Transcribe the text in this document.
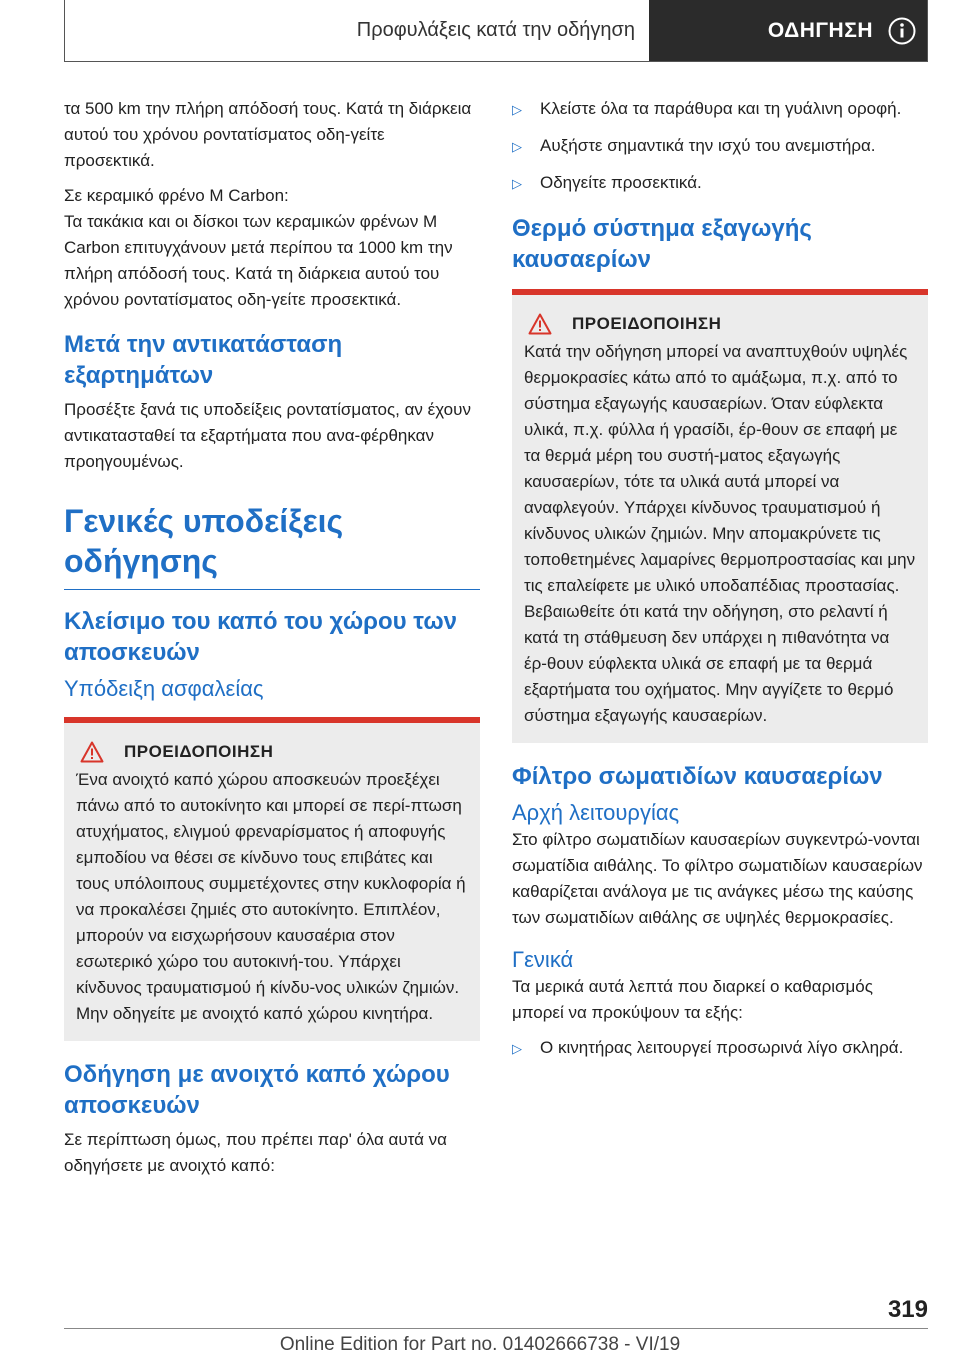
Προφυλάξεις κατά την οδήγηση	ΟΔΗΓΗΣΗ

τα 500 km την πλήρη απόδοσή τους. Κατά τη διάρκεια αυτού του χρόνου ροντατίσματος οδη-γείτε προσεκτικά.

Σε κεραμικό φρένο M Carbon:

Τα τακάκια και οι δίσκοι των κεραμικών φρένων M Carbon επιτυγχάνουν μετά περίπου τα 1000 km την πλήρη απόδοσή τους. Κατά τη διάρκεια αυτού του χρόνου ροντατίσματος οδη-γείτε προσεκτικά.

Μετά την αντικατάσταση εξαρτημάτων

Προσέξτε ξανά τις υποδείξεις ροντατίσματος, αν έχουν αντικατασταθεί τα εξαρτήματα που ανα-φέρθηκαν προηγουμένως.

Γενικές υποδείξεις οδήγησης
Κλείσιμο του καπό του χώρου των αποσκευών
Υπόδειξη ασφαλείας
ΠΡΟΕΙΔΟΠΟΙΗΣΗ

Ένα ανοιχτό καπό χώρου αποσκευών προεξέχει πάνω από το αυτοκίνητο και μπορεί σε περί-πτωση ατυχήματος, ελιγμού φρεναρίσματος ή αποφυγής εμποδίου να θέσει σε κίνδυνο τους επιβάτες και τους υπόλοιπους συμμετέχοντες στην κυκλοφορία ή να προκαλέσει ζημιές στο αυτοκίνητο. Επιπλέον, μπορούν να εισχωρήσουν καυσαέρια στον εσωτερικό χώρο του αυτοκινή-του. Υπάρχει κίνδυνος τραυματισμού ή κίνδυ-νος υλικών ζημιών. Μην οδηγείτε με ανοιχτό καπό χώρου κινητήρα.

Οδήγηση με ανοιχτό καπό χώρου αποσκευών

Σε περίπτωση όμως, που πρέπει παρ' όλα αυτά να οδηγήσετε με ανοιχτό καπό:

▷	Κλείστε όλα τα παράθυρα και τη γυάλινη οροφή.
▷	Αυξήστε σημαντικά την ισχύ του ανεμιστήρα.
▷	Οδηγείτε προσεκτικά.
Θερμό σύστημα εξαγωγής καυσαερίων
ΠΡΟΕΙΔΟΠΟΙΗΣΗ

Κατά την οδήγηση μπορεί να αναπτυχθούν υψηλές θερμοκρασίες κάτω από το αμάξωμα, π.χ. από το σύστημα εξαγωγής καυσαερίων. Όταν εύφλεκτα υλικά, π.χ. φύλλα ή γρασίδι, έρ-θουν σε επαφή με τα θερμά μέρη του συστή-ματος εξαγωγής καυσαερίων, τότε τα υλικά αυτά μπορεί να αναφλεγούν. Υπάρχει κίνδυνος τραυματισμού ή κίνδυνος υλικών ζημιών. Μην απομακρύνετε τις τοποθετημένες λαμαρίνες θερμοπροστασίας και μην τις επαλείφετε με υλικό υποδαπέδιας προστασίας. Βεβαιωθείτε ότι κατά την οδήγηση, στο ρελαντί ή κατά τη στάθμευση δεν υπάρχει η πιθανότητα να έρ-θουν εύφλεκτα υλικά σε επαφή με τα θερμά εξαρτήματα του οχήματος. Μην αγγίζετε το θερμό σύστημα εξαγωγής καυσαερίων.

Φίλτρο σωματιδίων καυσαερίων
Αρχή λειτουργίας

Στο φίλτρο σωματιδίων καυσαερίων συγκεντρώ-νονται σωματίδια αιθάλης. Το φίλτρο σωματιδίων καυσαερίων καθαρίζεται ανάλογα με τις ανάγκες μέσω της καύσης των σωματιδίων αιθάλης σε υψηλές θερμοκρασίες.

Γενικά

Τα μερικά αυτά λεπτά που διαρκεί ο καθαρισμός μπορεί να προκύψουν τα εξής:

▷	Ο κινητήρας λειτουργεί προσωρινά λίγο σκληρά.
319
Online Edition for Part no. 01402666738 - VI/19
